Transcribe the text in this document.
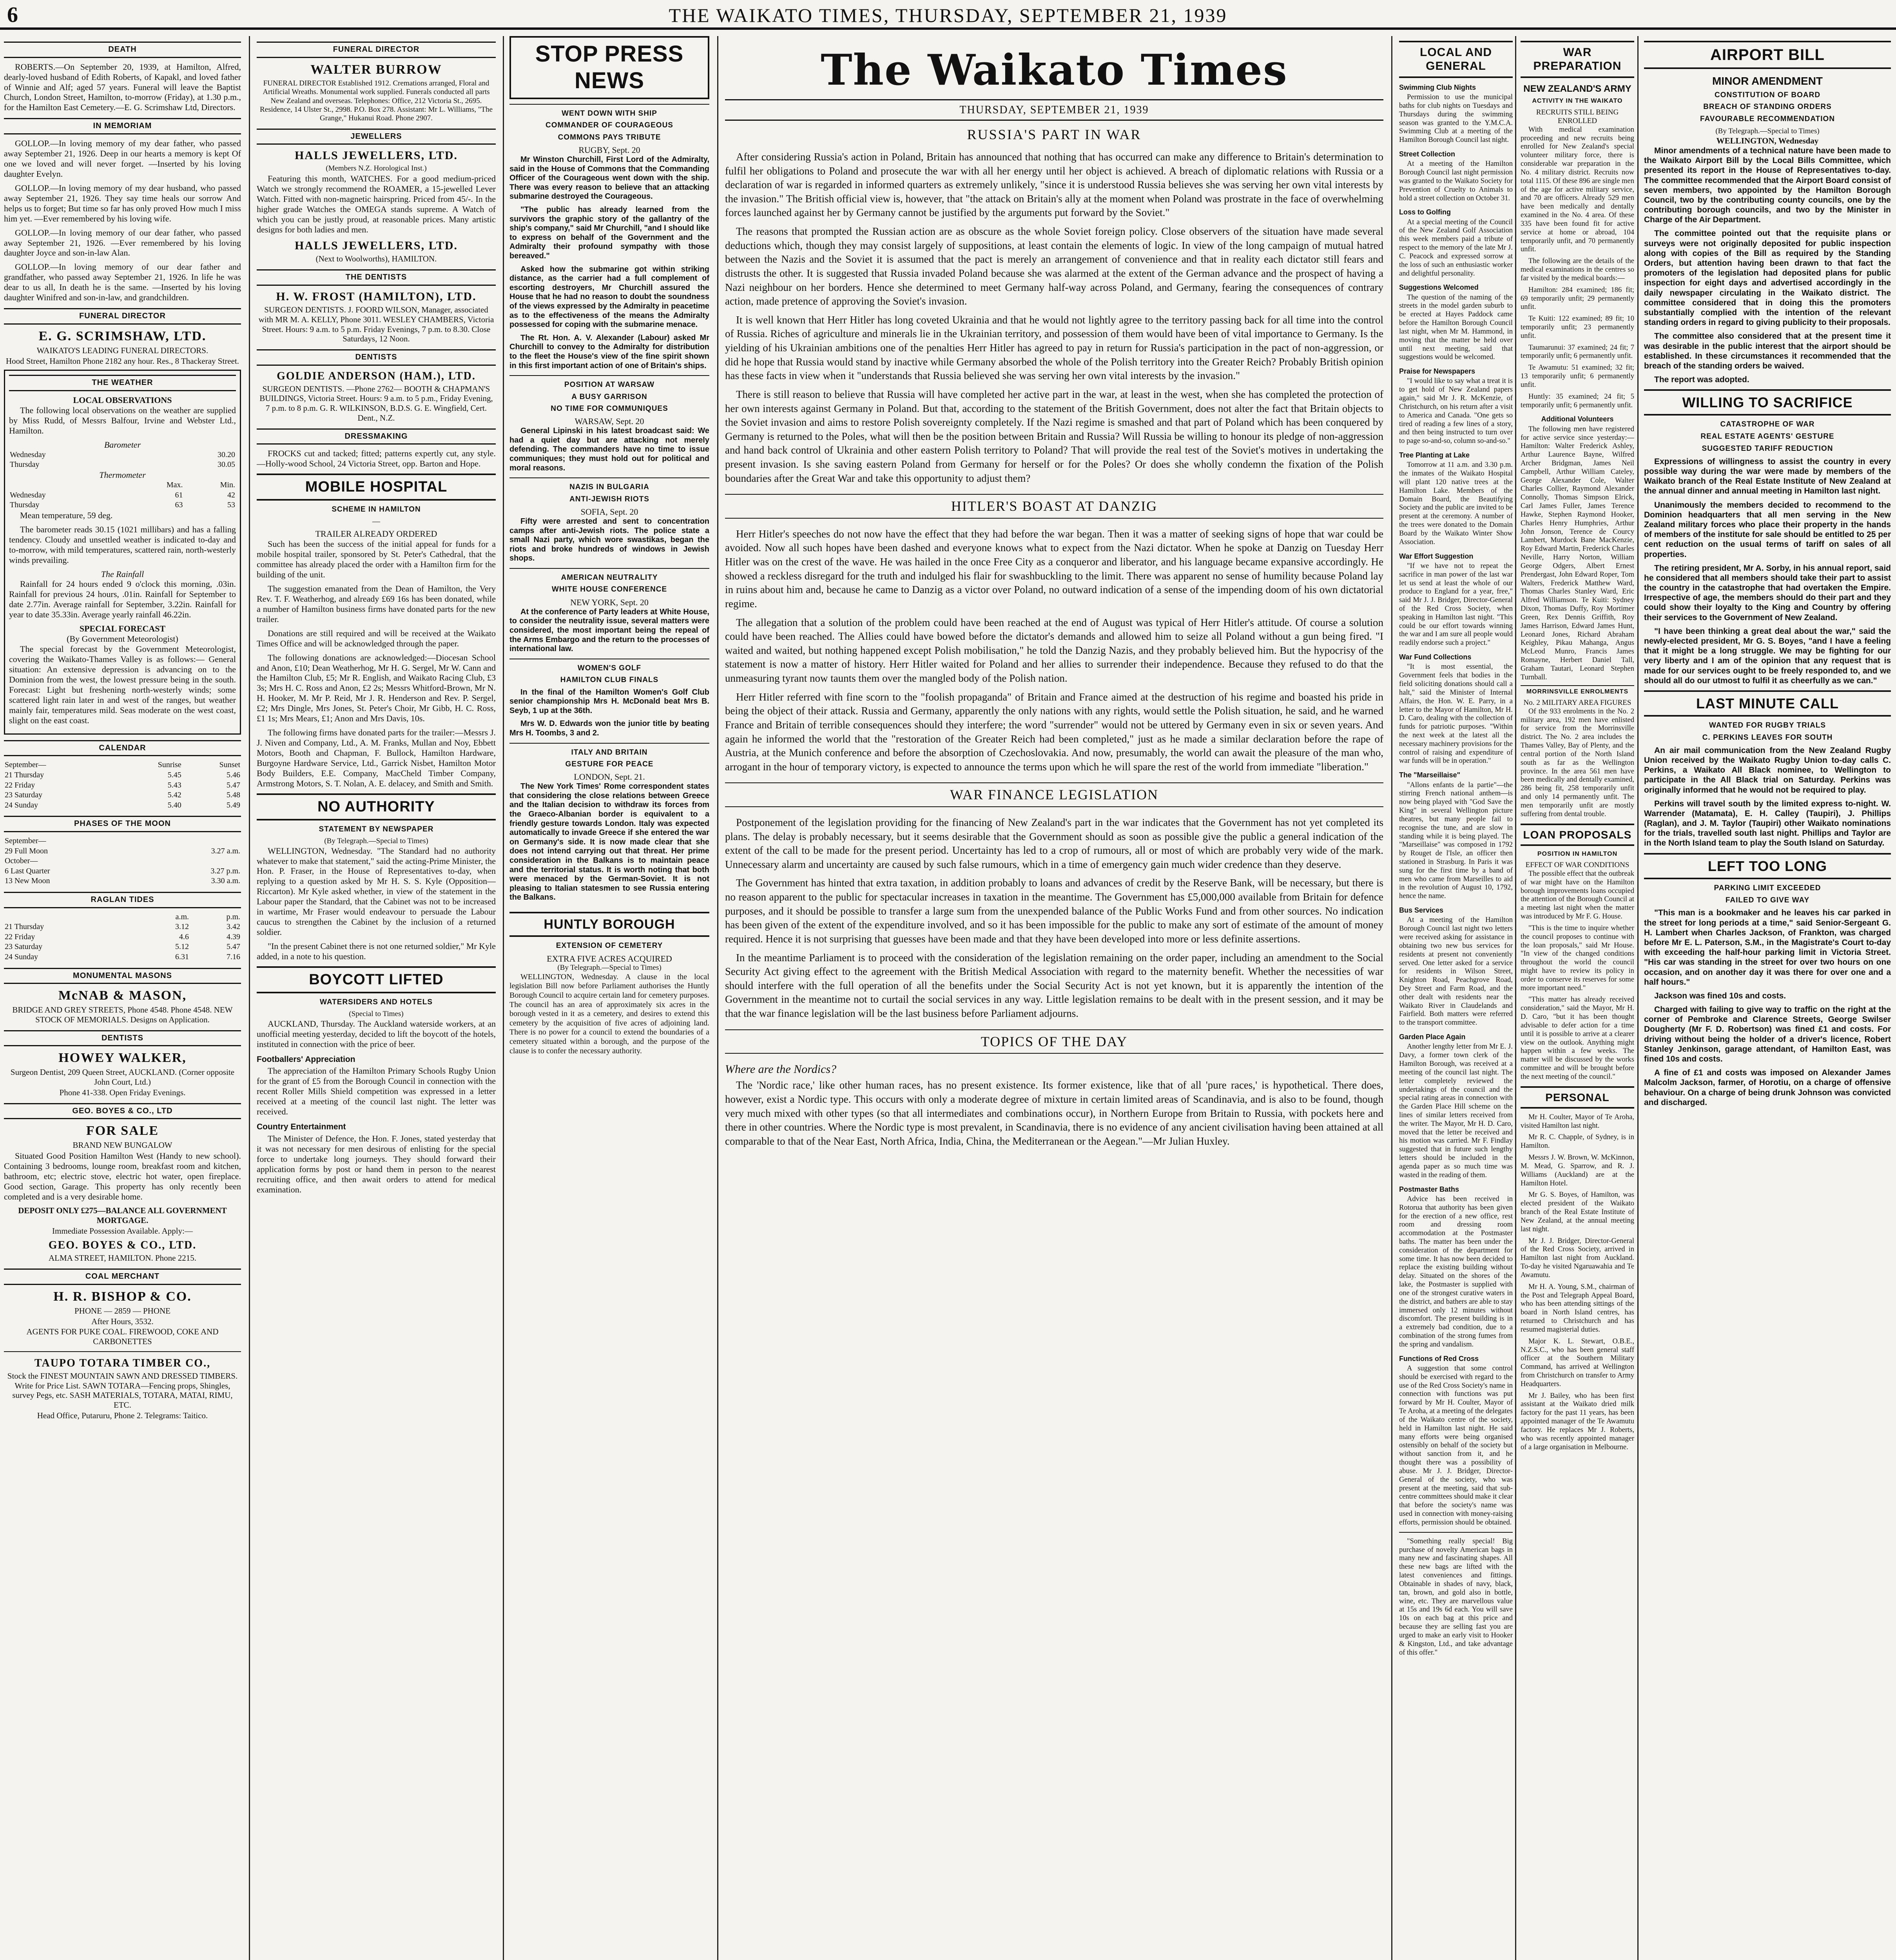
6	THE WAIKATO TIMES, THURSDAY, SEPTEMBER 21, 1939
DEATH

ROBERTS.—On September 20, 1939, at Hamilton, Alfred, dearly-loved husband of Edith Roberts, of Kapakl, and loved father of Winnie and Alf; aged 57 years. Funeral will leave the Baptist Church, London Street, Hamilton, to-morrow (Friday), at 1.30 p.m., for the Hamilton East Cemetery.—E. G. Scrimshaw Ltd, Directors.

IN MEMORIAM

GOLLOP.—In loving memory of my dear father, who passed away September 21, 1926. Deep in our hearts a memory is kept Of one we loved and will never forget. —Inserted by his loving daughter Evelyn.

GOLLOP.—In loving memory of my dear husband, who passed away September 21, 1926. They say time heals our sorrow And helps us to forget; But time so far has only proved How much I miss him yet. —Ever remembered by his loving wife.

GOLLOP.—In loving memory of our dear father, who passed away September 21, 1926. —Ever remembered by his loving daughter Joyce and son-in-law Alan.

GOLLOP.—In loving memory of our dear father and grandfather, who passed away September 21, 1926. In life he was dear to us all, In death he is the same. —Inserted by his loving daughter Winifred and son-in-law, and grandchildren.

FUNERAL DIRECTOR
E. G. SCRIMSHAW, LTD.
WAIKATO'S LEADING FUNERAL DIRECTORS.
Hood Street, Hamilton Phone 2182 any hour. Res., 8 Thackeray Street.
THE WEATHER
LOCAL OBSERVATIONS

The following local observations on the weather are supplied by Miss Rudd, of Messrs Balfour, Irvine and Webster Ltd., Hamilton.

Barometer
Wednesday	30.20
Thursday	30.05
Thermometer
	Max.	Min.
Wednesday	61	42
Thursday	63	53

Mean temperature, 59 deg.

The barometer reads 30.15 (1021 millibars) and has a falling tendency. Cloudy and unsettled weather is indicated to-day and to-morrow, with mild temperatures, scattered rain, north-westerly winds prevailing.

The Rainfall

Rainfall for 24 hours ended 9 o'clock this morning, .03in. Rainfall for previous 24 hours, .01in. Rainfall for September to date 2.77in. Average rainfall for September, 3.22in. Rainfall for year to date 35.33in. Average yearly rainfall 46.22in.

SPECIAL FORECAST
(By Government Meteorologist)

The special forecast by the Government Meteorologist, covering the Waikato-Thames Valley is as follows:— General situation: An extensive depression is advancing on to the Dominion from the west, the lowest pressure being in the south. Forecast: Light but freshening north-westerly winds; some scattered light rain later in and west of the ranges, but weather mainly fair, temperatures mild. Seas moderate on the west coast, slight on the east coast.

CALENDAR
September—	Sunrise	Sunset
21 Thursday	5.45	5.46
22 Friday	5.43	5.47
23 Saturday	5.42	5.48
24 Sunday	5.40	5.49
PHASES OF THE MOON
September—	
29 Full Moon	3.27 a.m.
October—	
6 Last Quarter	3.27 p.m.
13 New Moon	3.30 a.m.
RAGLAN TIDES
	a.m.	p.m.
21 Thursday	3.12	3.42
22 Friday	4.6	4.39
23 Saturday	5.12	5.47
24 Sunday	6.31	7.16
MONUMENTAL MASONS
McNAB & MASON,
BRIDGE AND GREY STREETS, Phone 4548. Phone 4548. NEW STOCK OF MEMORIALS. Designs on Application.
DENTISTS
HOWEY WALKER,
Surgeon Dentist, 209 Queen Street, AUCKLAND. (Corner opposite John Court, Ltd.)
Phone 41-338. Open Friday Evenings.
GEO. BOYES & CO., LTD
FOR SALE
BRAND NEW BUNGALOW

Situated Good Position Hamilton West (Handy to new school). Containing 3 bedrooms, lounge room, breakfast room and kitchen, bathroom, etc; electric stove, electric hot water, open fireplace. Good section, Garage. This property has only recently been completed and is a very desirable home.

DEPOSIT ONLY £275—BALANCE ALL GOVERNMENT MORTGAGE.
Immediate Possession Available. Apply:—
GEO. BOYES & CO., LTD.
ALMA STREET, HAMILTON. Phone 2215.
COAL MERCHANT
H. R. BISHOP & CO.
PHONE — 2859 — PHONE
After Hours, 3532.
AGENTS FOR PUKE COAL. FIREWOOD, COKE AND CARBONETTES
TAUPO TOTARA TIMBER CO.,
Stock the FINEST MOUNTAIN SAWN AND DRESSED TIMBERS. Write for Price List. SAWN TOTARA—Fencing props, Shingles, survey Pegs, etc. SASH MATERIALS, TOTARA, MATAI, RIMU, ETC.
Head Office, Putaruru, Phone 2. Telegrams: Taitico.
FUNERAL DIRECTOR
WALTER BURROW
FUNERAL DIRECTOR Established 1912. Cremations arranged, Floral and Artificial Wreaths. Monumental work supplied. Funerals conducted all parts New Zealand and overseas. Telephones: Office, 212 Victoria St., 2695. Residence, 14 Ulster St., 2998. P.O. Box 278. Assistant: Mr L. Williams, "The Grange," Hukanui Road. Phone 2907.
JEWELLERS
HALLS JEWELLERS, LTD.
(Members N.Z. Horological Inst.)

Featuring this month, WATCHES. For a good medium-priced Watch we strongly recommend the ROAMER, a 15-jewelled Lever Watch. Fitted with non-magnetic hairspring. Priced from 45/-. In the higher grade Watches the OMEGA stands supreme. A Watch of which you can be justly proud, at reasonable prices. Many artistic designs for both ladies and men.

HALLS JEWELLERS, LTD.
(Next to Woolworths), HAMILTON.
THE DENTISTS
H. W. FROST (HAMILTON), LTD.
SURGEON DENTISTS. J. FOORD WILSON, Manager, associated with MR M. A. KELLY, Phone 3011. WESLEY CHAMBERS, Victoria Street. Hours: 9 a.m. to 5 p.m. Friday Evenings, 7 p.m. to 8.30. Close Saturdays, 12 Noon.
DENTISTS
GOLDIE ANDERSON (HAM.), LTD.
SURGEON DENTISTS. —Phone 2762— BOOTH & CHAPMAN'S BUILDINGS, Victoria Street. Hours: 9 a.m. to 5 p.m., Friday Evening, 7 p.m. to 8 p.m. G. R. WILKINSON, B.D.S. G. E. Wingfield, Cert. Dent., N.Z.
DRESSMAKING

FROCKS cut and tacked; fitted; patterns expertly cut, any style.—Holly-wood School, 24 Victoria Street, opp. Barton and Hope.

MOBILE HOSPITAL
SCHEME IN HAMILTON
—
TRAILER ALREADY ORDERED

Such has been the success of the initial appeal for funds for a mobile hospital trailer, sponsored by St. Peter's Cathedral, that the committee has already placed the order with a Hamilton firm for the building of the unit.

The suggestion emanated from the Dean of Hamilton, the Very Rev. T. F. Weatherhog, and already £69 16s has been donated, while a number of Hamilton business firms have donated parts for the new trailer.

Donations are still required and will be received at the Waikato Times Office and will be acknowledged through the paper.

The following donations are acknowledged:—Diocesan School and Anon, £10; Dean Weatherhog, Mr H. G. Sergel, Mr W. Cann and the Hamilton Club, £5; Mr R. English, and Waikato Racing Club, £3 3s; Mrs H. C. Ross and Anon, £2 2s; Messrs Whitford-Brown, Mr N. H. Hooker, M. Mr P. Reid, Mr J. R. Henderson and Rev. P. Sergel, £2; Mrs Dingle, Mrs Jones, St. Peter's Choir, Mr Gibb, H. C. Ross, £1 1s; Mrs Mears, £1; Anon and Mrs Davis, 10s.

The following firms have donated parts for the trailer:—Messrs J. J. Niven and Company, Ltd., A. M. Franks, Mullan and Noy, Ebbett Motors, Booth and Chapman, F. Bullock, Hamilton Hardware, Burgoyne Hardware Service, Ltd., Garrick Nisbet, Hamilton Motor Body Builders, E.E. Company, MacCheld Timber Company, Armstrong Motors, S. T. Nolan, A. E. delacey, and Smith and Smith.

NO AUTHORITY
STATEMENT BY NEWSPAPER
(By Telegraph.—Special to Times)

WELLINGTON, Wednesday. "The Standard had no authority whatever to make that statement," said the acting-Prime Minister, the Hon. P. Fraser, in the House of Representatives to-day, when replying to a question asked by Mr H. S. S. Kyle (Opposition—Riccarton). Mr Kyle asked whether, in view of the statement in the Labour paper the Standard, that the Cabinet was not to be increased in wartime, Mr Fraser would endeavour to persuade the Labour caucus to strengthen the Cabinet by the inclusion of a returned soldier.

"In the present Cabinet there is not one returned soldier," Mr Kyle added, in a note to his question.

BOYCOTT LIFTED
WATERSIDERS AND HOTELS
(Special to Times)

AUCKLAND, Thursday. The Auckland waterside workers, at an unofficial meeting yesterday, decided to lift the boycott of the hotels, instituted in connection with the price of beer.

Footballers' Appreciation

The appreciation of the Hamilton Primary Schools Rugby Union for the grant of £5 from the Borough Council in connection with the recent Roller Mills Shield competition was expressed in a letter received at a meeting of the council last night. The letter was received.

Country Entertainment

The Minister of Defence, the Hon. F. Jones, stated yesterday that it was not necessary for men desirous of enlisting for the special force to undertake long journeys. They should forward their application forms by post or hand them in person to the nearest recruiting office, and then await orders to attend for medical examination.

STOP PRESS NEWS
WENT DOWN WITH SHIP
COMMANDER OF COURAGEOUS
COMMONS PAYS TRIBUTE
RUGBY, Sept. 20

Mr Winston Churchill, First Lord of the Admiralty, said in the House of Commons that the Commanding Officer of the Courageous went down with the ship. There was every reason to believe that an attacking submarine destroyed the Courageous.

"The public has already learned from the survivors the graphic story of the gallantry of the ship's company," said Mr Churchill, "and I should like to express on behalf of the Government and the Admiralty their profound sympathy with those bereaved."

Asked how the submarine got within striking distance, as the carrier had a full complement of escorting destroyers, Mr Churchill assured the House that he had no reason to doubt the soundness of the views expressed by the Admiralty in peacetime as to the effectiveness of the means the Admiralty possessed for coping with the submarine menace.

The Rt. Hon. A. V. Alexander (Labour) asked Mr Churchill to convey to the Admiralty for distribution to the fleet the House's view of the fine spirit shown in this first important action of one of Britain's ships.

POSITION AT WARSAW
A BUSY GARRISON
NO TIME FOR COMMUNIQUES
WARSAW, Sept. 20

General Lipinski in his latest broadcast said: We had a quiet day but are attacking not merely defending. The commanders have no time to issue communiques; they must hold out for political and moral reasons.

NAZIS IN BULGARIA
ANTI-JEWISH RIOTS
SOFIA, Sept. 20

Fifty were arrested and sent to concentration camps after anti-Jewish riots. The police state a small Nazi party, which wore swastikas, began the riots and broke hundreds of windows in Jewish shops.

AMERICAN NEUTRALITY
WHITE HOUSE CONFERENCE
NEW YORK, Sept. 20

At the conference of Party leaders at White House, to consider the neutrality issue, several matters were considered, the most important being the repeal of the Arms Embargo and the return to the processes of international law.

WOMEN'S GOLF
HAMILTON CLUB FINALS

In the final of the Hamilton Women's Golf Club senior championship Mrs H. McDonald beat Mrs B. Seyb, 1 up at the 36th.

Mrs W. D. Edwards won the junior title by beating Mrs H. Toombs, 3 and 2.

ITALY AND BRITAIN
GESTURE FOR PEACE
LONDON, Sept. 21.

The New York Times' Rome correspondent states that considering the close relations between Greece and the Italian decision to withdraw its forces from the Graeco-Albanian border is equivalent to a friendly gesture towards London. Italy was expected automatically to invade Greece if she entered the war on Germany's side. It is now made clear that she does not intend carrying out that threat. Her prime consideration in the Balkans is to maintain peace and the territorial status. It is worth noting that both were menaced by the German-Soviet. It is not pleasing to Italian statesmen to see Russia entering the Balkans.

HUNTLY BOROUGH
EXTENSION OF CEMETERY
EXTRA FIVE ACRES ACQUIRED
(By Telegraph.—Special to Times)

WELLINGTON, Wednesday. A clause in the local legislation Bill now before Parliament authorises the Huntly Borough Council to acquire certain land for cemetery purposes. The council has an area of approximately six acres in the borough vested in it as a cemetery, and desires to extend this cemetery by the acquisition of five acres of adjoining land. There is no power for a council to extend the boundaries of a cemetery situated within a borough, and the purpose of the clause is to confer the necessary authority.

The Waikato Times
THURSDAY, SEPTEMBER 21, 1939
RUSSIA'S PART IN WAR

After considering Russia's action in Poland, Britain has announced that nothing that has occurred can make any difference to Britain's determination to fulfil her obligations to Poland and prosecute the war with all her energy until her object is achieved. A breach of diplomatic relations with Russia or a declaration of war is regarded in informed quarters as extremely unlikely, "since it is understood Russia believes she was serving her own vital interests by the invasion." The British official view is, however, that "the attack on Britain's ally at the moment when Poland was prostrate in the face of overwhelming forces launched against her by Germany cannot be justified by the arguments put forward by the Soviet."

The reasons that prompted the Russian action are as obscure as the whole Soviet foreign policy. Close observers of the situation have made several deductions which, though they may consist largely of suppositions, at least contain the elements of logic. In view of the long campaign of mutual hatred between the Nazis and the Soviet it is assumed that the pact is merely an arrangement of convenience and that in reality each dictator still fears and distrusts the other. It is suggested that Russia invaded Poland because she was alarmed at the extent of the German advance and the prospect of having a Nazi neighbour on her borders. Hence she determined to meet Germany half-way across Poland, and Germany, fearing the consequences of contrary action, made pretence of approving the Soviet's invasion.

It is well known that Herr Hitler has long coveted Ukrainia and that he would not lightly agree to the territory passing back for all time into the control of Russia. Riches of agriculture and minerals lie in the Ukrainian territory, and possession of them would have been of vital importance to Germany. Is the yielding of his Ukrainian ambitions one of the penalties Herr Hitler has agreed to pay in return for Russia's participation in the pact of non-aggression, or did he hope that Russia would stand by inactive while Germany absorbed the whole of the Polish territory into the Greater Reich? Probably British opinion has these facts in view when it "understands that Russia believed she was serving her own vital interests by the invasion."

There is still reason to believe that Russia will have completed her active part in the war, at least in the west, when she has completed the protection of her own interests against Germany in Poland. But that, according to the statement of the British Government, does not alter the fact that Britain objects to the Soviet invasion and aims to restore Polish sovereignty completely. If the Nazi regime is smashed and that part of Poland which has been conquered by Germany is returned to the Poles, what will then be the position between Britain and Russia? Will Russia be willing to honour its pledge of non-aggression and hand back control of Ukrainia and other eastern Polish territory to Poland? That will provide the real test of the Soviet's motives in undertaking the present invasion. Is she saving eastern Poland from Germany for herself or for the Poles? Or does she wholly condemn the fixation of the Polish boundaries after the Great War and take this opportunity to adjust them?

HITLER'S BOAST AT DANZIG

Herr Hitler's speeches do not now have the effect that they had before the war began. Then it was a matter of seeking signs of hope that war could be avoided. Now all such hopes have been dashed and everyone knows what to expect from the Nazi dictator. When he spoke at Danzig on Tuesday Herr Hitler was on the crest of the wave. He was hailed in the once Free City as a conqueror and liberator, and his language became expansive accordingly. He showed a reckless disregard for the truth and indulged his flair for swashbuckling to the limit. There was apparent no sense of humility because Poland lay in ruins about him and, because he came to Danzig as a victor over Poland, no outward indication of a sense of the impending doom of his own dictatorial regime.

The allegation that a solution of the problem could have been reached at the end of August was typical of Herr Hitler's attitude. Of course a solution could have been reached. The Allies could have bowed before the dictator's demands and allowed him to seize all Poland without a gun being fired. "I waited and waited, but nothing happened except Polish mobilisation," he told the Danzig Nazis, and they probably believed him. But the hypocrisy of the statement is now a matter of history. Herr Hitler waited for Poland and her allies to surrender their independence. Because they refused to do that the unmeasuring tyrant now taunts them over the mangled body of the Polish nation.

Herr Hitler referred with fine scorn to the "foolish propaganda" of Britain and France aimed at the destruction of his regime and boasted his pride in being the object of their attack. Russia and Germany, apparently the only nations with any rights, would settle the Polish situation, he said, and he warned France and Britain of terrible consequences should they interfere; the word "surrender" would not be uttered by Germany even in six or seven years. And again he informed the world that the "restoration of the Greater Reich had been completed," just as he made a similar declaration before the rape of Austria, at the Munich conference and before the absorption of Czechoslovakia. And now, presumably, the world can await the pleasure of the man who, arrogant in the hour of temporary victory, is expected to announce the terms upon which he will spare the rest of the world from immediate "liberation."

WAR FINANCE LEGISLATION

Postponement of the legislation providing for the financing of New Zealand's part in the war indicates that the Government has not yet completed its plans. The delay is probably necessary, but it seems desirable that the Government should as soon as possible give the public a general indication of the extent of the call to be made for the present period. Uncertainty has led to a crop of rumours, all or most of which are probably very wide of the mark. Unnecessary alarm and uncertainty are caused by such false rumours, which in a time of emergency gain much wider credence than they deserve.

The Government has hinted that extra taxation, in addition probably to loans and advances of credit by the Reserve Bank, will be necessary, but there is no reason apparent to the public for spectacular increases in taxation in the meantime. The Government has £5,000,000 available from Britain for defence purposes, and it should be possible to transfer a large sum from the unexpended balance of the Public Works Fund and from other sources. No indication has been given of the extent of the expenditure involved, and so it has been impossible for the public to make any sort of estimate of the amount of money required. Hence it is not surprising that guesses have been made and that they have been developed into more or less definite assertions.

In the meantime Parliament is to proceed with the consideration of the legislation remaining on the order paper, including an amendment to the Social Security Act giving effect to the agreement with the British Medical Association with regard to the maternity benefit. Whether the necessities of war should interfere with the full operation of all the benefits under the Social Security Act is not yet known, but it is apparently the intention of the Government in the meantime not to curtail the social services in any way. Little legislation remains to be dealt with in the present session, and it may be that the war finance legislation will be the last business before Parliament adjourns.

TOPICS OF THE DAY
Where are the Nordics?

The 'Nordic race,' like other human races, has no present existence. Its former existence, like that of all 'pure races,' is hypothetical. There does, however, exist a Nordic type. This occurs with only a moderate degree of mixture in certain limited areas of Scandinavia, and is also to be found, though very much mixed with other types (so that all intermediates and combinations occur), in Northern Europe from Britain to Russia, with pockets here and there in other countries. Where the Nordic type is most prevalent, in Scandinavia, there is no evidence of any ancient civilisation having been attained at all comparable to that of the Near East, North Africa, India, China, the Mediterranean or the Aegean."—Mr Julian Huxley.

LOCAL AND GENERAL
Swimming Club Nights

Permission to use the municipal baths for club nights on Tuesdays and Thursdays during the swimming season was granted to the Y.M.C.A. Swimming Club at a meeting of the Hamilton Borough Council last night.

Street Collection

At a meeting of the Hamilton Borough Council last night permission was granted to the Waikato Society for Prevention of Cruelty to Animals to hold a street collection on October 31.

Loss to Golfing

At a special meeting of the Council of the New Zealand Golf Association this week members paid a tribute of respect to the memory of the late Mr J. C. Peacock and expressed sorrow at the loss of such an enthusiastic worker and delightful personality.

Suggestions Welcomed

The question of the naming of the streets in the model garden suburb to be erected at Hayes Paddock came before the Hamilton Borough Council last night, when Mr M. Hammond, in moving that the matter be held over until next meeting, said that suggestions would be welcomed.

Praise for Newspapers

"I would like to say what a treat it is to get hold of New Zealand papers again," said Mr J. R. McKenzie, of Christchurch, on his return after a visit to America and Canada. "One gets so tired of reading a few lines of a story, and then being instructed to turn over to page so-and-so, column so-and-so."

Tree Planting at Lake

Tomorrow at 11 a.m. and 3.30 p.m. the inmates of the Waikato Hospital will plant 120 native trees at the Hamilton Lake. Members of the Domain Board, the Beautifying Society and the public are invited to be present at the ceremony. A number of the trees were donated to the Domain Board by the Waikato Winter Show Association.

War Effort Suggestion

"If we have not to repeat the sacrifice in man power of the last war let us send at least the whole of our produce to England for a year, free," said Mr J. J. Bridger, Director-General of the Red Cross Society, when speaking in Hamilton last night. "This could be our effort towards winning the war and I am sure all people would readily endorse such a project."

War Fund Collections

"It is most essential, the Government feels that bodies in the field soliciting donations should call a halt," said the Minister of Internal Affairs, the Hon. W. E. Parry, in a letter to the Mayor of Hamilton, Mr H. D. Caro, dealing with the collection of funds for patriotic purposes. "Within the next week at the latest all the necessary machinery provisions for the control of raising and expenditure of war funds will be in operation."

The "Marseillaise"

"Allons enfants de la partie"—the stirring French national anthem—is now being played with "God Save the King" in several Wellington picture theatres, but many people fail to recognise the tune, and are slow in standing while it is being played. The "Marseillaise" was composed in 1792 by Rouget de l'Isle, an officer then stationed in Strasburg. In Paris it was sung for the first time by a band of men who came from Marseilles to aid in the revolution of August 10, 1792, hence the name.

Bus Services

At a meeting of the Hamilton Borough Council last night two letters were received asking for assistance in obtaining two new bus services for residents at present not conveniently served. One letter asked for a service for residents in Wilson Street, Knighton Road, Peachgrove Road, Dey Street and Farm Road, and the other dealt with residents near the Waikato River in Claudelands and Fairfield. Both matters were referred to the transport committee.

Garden Place Again

Another lengthy letter from Mr E. J. Davy, a former town clerk of the Hamilton Borough, was received at a meeting of the council last night. The letter completely reviewed the undertakings of the council and the special rating areas in connection with the Garden Place Hill scheme on the lines of similar letters received from the writer. The Mayor, Mr H. D. Caro, moved that the letter be received and his motion was carried. Mr F. Findlay suggested that in future such lengthy letters should be included in the agenda paper as so much time was wasted in the reading of them.

Postmaster Baths

Advice has been received in Rotorua that authority has been given for the erection of a new office, rest room and dressing room accommodation at the Postmaster baths. The matter has been under the consideration of the department for some time. It has now been decided to replace the existing building without delay. Situated on the shores of the lake, the Postmaster is supplied with one of the strongest curative waters in the district, and bathers are able to stay immersed only 12 minutes without discomfort. The present building is in a extremely bad condition, due to a combination of the strong fumes from the spring and vandalism.

Functions of Red Cross

A suggestion that some control should be exercised with regard to the use of the Red Cross Society's name in connection with functions was put forward by Mr H. Coulter, Mayor of Te Aroha, at a meeting of the delegates of the Waikato centre of the society, held in Hamilton last night. He said many efforts were being organised ostensibly on behalf of the society but without sanction from it, and he thought there was a possibility of abuse. Mr J. J. Bridger, Director-General of the society, who was present at the meeting, said that sub-centre committees should make it clear that before the society's name was used in connection with money-raising efforts, permission should be obtained.

"Something really special! Big purchase of novelty American bags in many new and fascinating shapes. All these new bags are lifted with the latest conveniences and fittings. Obtainable in shades of navy, black, tan, brown, and gold also in bottle, wine, etc. They are marvellous value at 15s and 19s 6d each. You will save 10s on each bag at this price and because they are selling fast you are urged to make an early visit to Hooker & Kingston, Ltd., and take advantage of this offer."

WAR PREPARATION
NEW ZEALAND'S ARMY
ACTIVITY IN THE WAIKATO
RECRUITS STILL BEING ENROLLED

With medical examination proceeding and new recruits being enrolled for New Zealand's special volunteer military force, there is considerable war preparation in the No. 4 military district. Recruits now total 1115. Of these 896 are single men of the age for active military service, and 70 are officers. Already 529 men have been medically and dentally examined in the No. 4 area. Of these 335 have been found fit for active service at home or abroad, 104 temporarily unfit, and 70 permanently unfit.

The following are the details of the medical examinations in the centres so far visited by the medical boards:—

Hamilton: 284 examined; 186 fit; 69 temporarily unfit; 29 permanently unfit.

Te Kuiti: 122 examined; 89 fit; 10 temporarily unfit; 23 permanently unfit.

Taumarunui: 37 examined; 24 fit; 7 temporarily unfit; 6 permanently unfit.

Te Awamutu: 51 examined; 32 fit; 13 temporarily unfit; 6 permanently unfit.

Huntly: 35 examined; 24 fit; 5 temporarily unfit; 6 permanently unfit.

Additional Volunteers

The following men have registered for active service since yesterday:— Hamilton: Walter Frederick Ashley, Arthur Laurence Bayne, Wilfred Archer Bridgman, James Neil Campbell, Arthur William Cateley, George Alexander Cole, Walter Charles Collier, Raymond Alexander Connolly, Thomas Simpson Elrick, Carl James Fuller, James Terence Hawke, Stephen Raymond Hooker, Charles Henry Humphries, Arthur John Jonson, Terence de Courcy Lambert, Murdock Bane MacKenzie, Roy Edward Martin, Frederick Charles Neville, Harry Norton, William George Odgers, Albert Ernest Prendergast, John Edward Roper, Tom Walters, Frederick Matthew Ward, Thomas Charles Stanley Ward, Eric Alfred Williamson. Te Kuiti: Sydney Dixon, Thomas Duffy, Roy Mortimer Green, Rex Dennis Griffith, Roy James Harrison, Edward James Hunt, Leonard Jones, Richard Abraham Keighley, Pikau Mahanga, Angus McLeod Munro, Francis James Romayne, Herbert Daniel Tall, Graham Tautari, Leonard Stephen Turnball.

MORRINSVILLE ENROLMENTS
No. 2 MILITARY AREA FIGURES

Of the 933 enrolments in the No. 2 military area, 192 men have enlisted for service from the Morrinsville district. The No. 2 area includes the Thames Valley, Bay of Plenty, and the central portion of the North Island south as far as the Wellington province. In the area 561 men have been medically and dentally examined, 286 being fit, 258 temporarily unfit and only 14 permanently unfit. The men temporarily unfit are mostly suffering from dental trouble.

LOAN PROPOSALS
POSITION IN HAMILTON
EFFECT OF WAR CONDITIONS

The possible effect that the outbreak of war might have on the Hamilton borough improvements loans occupied the attention of the Borough Council at a meeting last night when the matter was introduced by Mr F. G. House.

"This is the time to inquire whether the council proposes to continue with the loan proposals," said Mr House. "In view of the changed conditions throughout the world the council might have to review its policy in order to conserve its reserves for some more important need."

"This matter has already received consideration," said the Mayor, Mr H. D. Caro, "but it has been thought advisable to defer action for a time until it is possible to arrive at a clearer view on the outlook. Anything might happen within a few weeks. The matter will be discussed by the works committee and will be brought before the next meeting of the council."

PERSONAL

Mr H. Coulter, Mayor of Te Aroha, visited Hamilton last night.

Mr R. C. Chapple, of Sydney, is in Hamilton.

Messrs J. W. Brown, W. McKinnon, M. Mead, G. Sparrow, and R. J. Williams (Auckland) are at the Hamilton Hotel.

Mr G. S. Boyes, of Hamilton, was elected president of the Waikato branch of the Real Estate Institute of New Zealand, at the annual meeting last night.

Mr J. J. Bridger, Director-General of the Red Cross Society, arrived in Hamilton last night from Auckland. To-day he visited Ngaruawahia and Te Awamutu.

Mr H. A. Young, S.M., chairman of the Post and Telegraph Appeal Board, who has been attending sittings of the board in North Island centres, has returned to Christchurch and has resumed magisterial duties.

Major K. L. Stewart, O.B.E., N.Z.S.C., who has been general staff officer at the Southern Military Command, has arrived at Wellington from Christchurch on transfer to Army Headquarters.

Mr J. Bailey, who has been first assistant at the Waikato dried milk factory for the past 11 years, has been appointed manager of the Te Awamutu factory. He replaces Mr J. Roberts, who was recently appointed manager of a large organisation in Melbourne.

AIRPORT BILL
MINOR AMENDMENT
CONSTITUTION OF BOARD
BREACH OF STANDING ORDERS
FAVOURABLE RECOMMENDATION
(By Telegraph.—Special to Times)
WELLINGTON, Wednesday

Minor amendments of a technical nature have been made to the Waikato Airport Bill by the Local Bills Committee, which presented its report in the House of Representatives to-day. The committee recommended that the Airport Board consist of seven members, two appointed by the Hamilton Borough Council, two by the contributing county councils, one by the contributing borough councils, and two by the Minister in Charge of the Air Department.

The committee pointed out that the requisite plans or surveys were not originally deposited for public inspection along with copies of the Bill as required by the Standing Orders, but attention having been drawn to that fact the promoters of the legislation had deposited plans for public inspection for eight days and advertised accordingly in the daily newspaper circulating in the Waikato district. The committee considered that in doing this the promoters substantially complied with the intention of the relevant standing orders in regard to giving publicity to their proposals.

The committee also considered that at the present time it was desirable in the public interest that the airport should be established. In these circumstances it recommended that the breach of the standing orders be waived.

The report was adopted.

WILLING TO SACRIFICE
CATASTROPHE OF WAR
REAL ESTATE AGENTS' GESTURE
SUGGESTED TARIFF REDUCTION

Expressions of willingness to assist the country in every possible way during the war were made by members of the Waikato branch of the Real Estate Institute of New Zealand at the annual dinner and annual meeting in Hamilton last night.

Unanimously the members decided to recommend to the Dominion headquarters that all men serving in the New Zealand military forces who place their property in the hands of members of the institute for sale should be entitled to 25 per cent reduction on the usual terms of tariff on sales of all properties.

The retiring president, Mr A. Sorby, in his annual report, said he considered that all members should take their part to assist the country in the catastrophe that had overtaken the Empire. Irrespective of age, the members should do their part and they could show their loyalty to the King and Country by offering their services to the Government of New Zealand.

"I have been thinking a great deal about the war," said the newly-elected president, Mr G. S. Boyes, "and I have a feeling that it might be a long struggle. We may be fighting for our very liberty and I am of the opinion that any request that is made for our services ought to be freely responded to, and we should all do our utmost to fulfil it as cheerfully as we can."

LAST MINUTE CALL
WANTED FOR RUGBY TRIALS
C. PERKINS LEAVES FOR SOUTH

An air mail communication from the New Zealand Rugby Union received by the Waikato Rugby Union to-day calls C. Perkins, a Waikato All Black nominee, to Wellington to participate in the All Black trial on Saturday. Perkins was originally informed that he would not be required to play.

Perkins will travel south by the limited express to-night. W. Warrender (Matamata), E. H. Calley (Taupiri), J. Phillips (Raglan), and J. M. Taylor (Taupiri) other Waikato nominations for the trials, travelled south last night. Phillips and Taylor are in the North Island team to play the South Island on Saturday.

LEFT TOO LONG
PARKING LIMIT EXCEEDED
FAILED TO GIVE WAY

"This man is a bookmaker and he leaves his car parked in the street for long periods at a time," said Senior-Sergeant G. H. Lambert when Charles Jackson, of Frankton, was charged before Mr E. L. Paterson, S.M., in the Magistrate's Court to-day with exceeding the half-hour parking limit in Victoria Street. "His car was standing in the street for over two hours on one occasion, and on another day it was there for over one and a half hours."

Jackson was fined 10s and costs.

Charged with failing to give way to traffic on the right at the corner of Pembroke and Clarence Streets, George Swilser Dougherty (Mr F. D. Robertson) was fined £1 and costs. For driving without being the holder of a driver's licence, Robert Stanley Jenkinson, garage attendant, of Hamilton East, was fined 10s and costs.

A fine of £1 and costs was imposed on Alexander James Malcolm Jackson, farmer, of Horotiu, on a charge of offensive behaviour. On a charge of being drunk Johnson was convicted and discharged.
